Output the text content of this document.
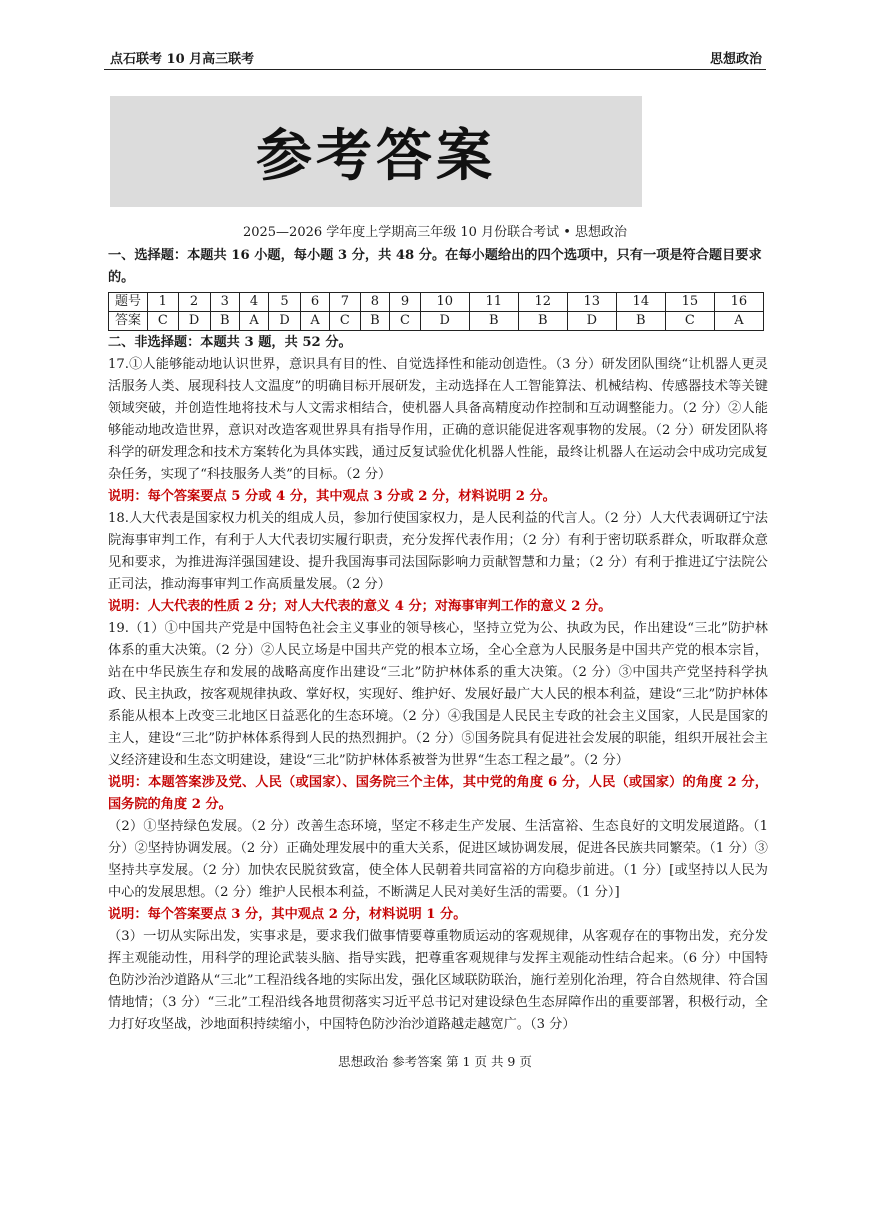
点石联考 10 月高三联考	思想政治
参考答案
2025—2026 学年度上学期高三年级 10 月份联合考试 • 思想政治
一、选择题：本题共 16 小题，每小题 3 分，共 48 分。在每小题给出的四个选项中，只有一项是符合题目要求的。
题号	1	2	3	4	5	6	7	8	9	10	11	12	13	14	15	16
答案	C	D	B	A	D	A	C	B	C	D	B	B	D	B	C	A
二、非选择题：本题共 3 题，共 52 分。

17.①人能够能动地认识世界，意识具有目的性、自觉选择性和能动创造性。（3 分）研发团队围绕“让机器人更灵活服务人类、展现科技人文温度”的明确目标开展研发，主动选择在人工智能算法、机械结构、传感器技术等关键领域突破，并创造性地将技术与人文需求相结合，使机器人具备高精度动作控制和互动调整能力。（2 分）②人能够能动地改造世界，意识对改造客观世界具有指导作用，正确的意识能促进客观事物的发展。（2 分）研发团队将科学的研发理念和技术方案转化为具体实践，通过反复试验优化机器人性能，最终让机器人在运动会中成功完成复杂任务，实现了“科技服务人类”的目标。（2 分）

说明：每个答案要点 5 分或 4 分，其中观点 3 分或 2 分，材料说明 2 分。

18.人大代表是国家权力机关的组成人员，参加行使国家权力，是人民利益的代言人。（2 分）人大代表调研辽宁法院海事审判工作，有利于人大代表切实履行职责，充分发挥代表作用；（2 分）有利于密切联系群众，听取群众意见和要求，为推进海洋强国建设、提升我国海事司法国际影响力贡献智慧和力量；（2 分）有利于推进辽宁法院公正司法，推动海事审判工作高质量发展。（2 分）

说明：人大代表的性质 2 分；对人大代表的意义 4 分；对海事审判工作的意义 2 分。

19.（1）①中国共产党是中国特色社会主义事业的领导核心，坚持立党为公、执政为民，作出建设“三北”防护林体系的重大决策。（2 分）②人民立场是中国共产党的根本立场，全心全意为人民服务是中国共产党的根本宗旨，站在中华民族生存和发展的战略高度作出建设“三北”防护林体系的重大决策。（2 分）③中国共产党坚持科学执政、民主执政，按客观规律执政、掌好权，实现好、维护好、发展好最广大人民的根本利益，建设“三北”防护林体系能从根本上改变三北地区日益恶化的生态环境。（2 分）④我国是人民民主专政的社会主义国家，人民是国家的主人，建设“三北”防护林体系得到人民的热烈拥护。（2 分）⑤国务院具有促进社会发展的职能，组织开展社会主义经济建设和生态文明建设，建设“三北”防护林体系被誉为世界“生态工程之最”。（2 分）

说明：本题答案涉及党、人民（或国家）、国务院三个主体，其中党的角度 6 分，人民（或国家）的角度 2 分，国务院的角度 2 分。

（2）①坚持绿色发展。（2 分）改善生态环境，坚定不移走生产发展、生活富裕、生态良好的文明发展道路。（1 分）②坚持协调发展。（2 分）正确处理发展中的重大关系，促进区域协调发展，促进各民族共同繁荣。（1 分）③坚持共享发展。（2 分）加快农民脱贫致富，使全体人民朝着共同富裕的方向稳步前进。（1 分）[或坚持以人民为中心的发展思想。（2 分）维护人民根本利益，不断满足人民对美好生活的需要。（1 分）]

说明：每个答案要点 3 分，其中观点 2 分，材料说明 1 分。

（3）一切从实际出发，实事求是，要求我们做事情要尊重物质运动的客观规律，从客观存在的事物出发，充分发挥主观能动性，用科学的理论武装头脑、指导实践，把尊重客观规律与发挥主观能动性结合起来。（6 分）中国特色防沙治沙道路从“三北”工程沿线各地的实际出发，强化区域联防联治，施行差别化治理，符合自然规律、符合国情地情；（3 分）“三北”工程沿线各地贯彻落实习近平总书记对建设绿色生态屏障作出的重要部署，积极行动，全力打好攻坚战，沙地面积持续缩小，中国特色防沙治沙道路越走越宽广。（3 分）

思想政治 参考答案 第 1 页 共 9 页
